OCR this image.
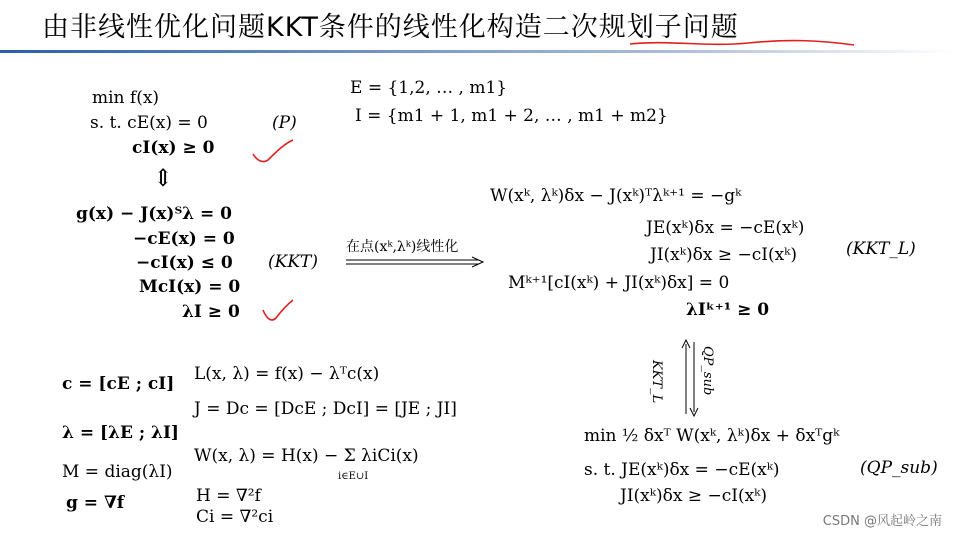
由非线性优化问题KKT条件的线性化构造二次规划子问题
min f(x)
s. t. cE(x) = 0
cI(x) ≥ 0
(P)
E = {1,2, … , m1}
I = {m1 + 1, m1 + 2, … , m1 + m2}
⇕
g(x) − J(x)ᵀλ = 0
−cE(x) = 0
−cI(x) ≤ 0
McI(x) = 0
λI ≥ 0
(KKT)
在点(xᵏ,λᵏ)线性化
W(xᵏ, λᵏ)δx − J(xᵏ)ᵀλᵏ⁺¹ = −gᵏ
JE(xᵏ)δx = −cE(xᵏ)
JI(xᵏ)δx ≥ −cI(xᵏ)
Mᵏ⁺¹[cI(xᵏ) + JI(xᵏ)δx] = 0
λIᵏ⁺¹ ≥ 0
(KKT_L)
KKT_L	QP_sub
c = [cE ; cI]
λ = [λE ; λI]
M = diag(λI)
g = ∇f
L(x, λ) = f(x) − λᵀc(x)
J = Dc = [DcE ; DcI] = [JE ; JI]
W(x, λ) = H(x) − Σ λiCi(x)
i∈E∪I
H = ∇²f
Ci = ∇²ci
min ½ δxᵀ W(xᵏ, λᵏ)δx + δxᵀgᵏ
s. t. JE(xᵏ)δx = −cE(xᵏ)
JI(xᵏ)δx ≥ −cI(xᵏ)
(QP_sub)
CSDN @风起岭之南
